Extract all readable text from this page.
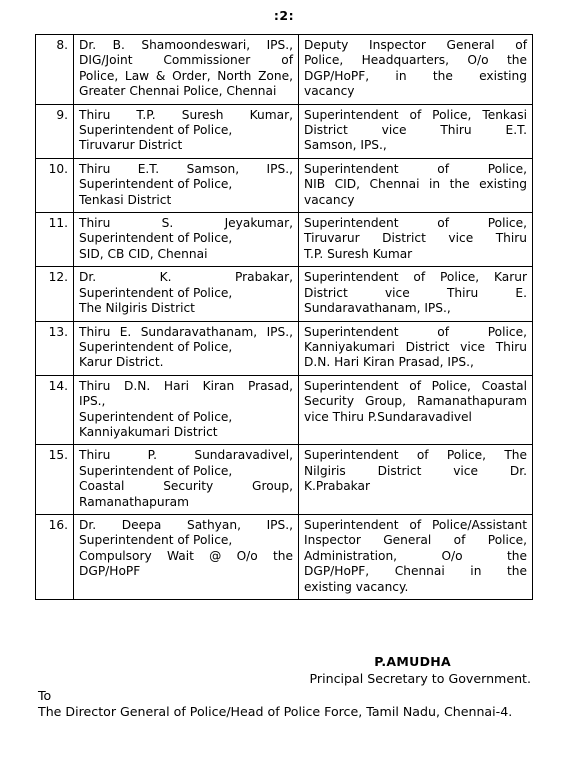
:2:
8.	Dr. B. Shamoondeswari, IPS.,
DIG/Joint Commissioner of
Police, Law & Order, North Zone,
Greater Chennai Police, Chennai	Deputy Inspector General of
Police, Headquarters, O/o the
DGP/HoPF, in the existing
vacancy

9.	Thiru T.P. Suresh Kumar,
Superintendent of Police,
Tiruvarur District	Superintendent of Police, Tenkasi
District vice Thiru E.T.
Samson, IPS.,

10.	Thiru E.T. Samson, IPS.,
Superintendent of Police,
Tenkasi District	Superintendent of Police,
NIB CID, Chennai in the existing
vacancy

11.	Thiru S. Jeyakumar,
Superintendent of Police,
SID, CB CID, Chennai	Superintendent of Police,
Tiruvarur District vice Thiru
T.P. Suresh Kumar

12.	Dr. K. Prabakar,
Superintendent of Police,
The Nilgiris District	Superintendent of Police, Karur
District vice Thiru E.
Sundaravathanam, IPS.,

13.	Thiru E. Sundaravathanam, IPS.,
Superintendent of Police,
Karur District.	Superintendent of Police,
Kanniyakumari District vice Thiru
D.N. Hari Kiran Prasad, IPS.,

14.	Thiru D.N. Hari Kiran Prasad,
IPS.,
Superintendent of Police,
Kanniyakumari District	Superintendent of Police, Coastal
Security Group, Ramanathapuram
vice Thiru P.Sundaravadivel

15.	Thiru P. Sundaravadivel,
Superintendent of Police,
Coastal Security Group,
Ramanathapuram	Superintendent of Police, The
Nilgiris District vice Dr.
K.Prabakar

16.	Dr. Deepa Sathyan, IPS.,
Superintendent of Police,
Compulsory Wait @ O/o the
DGP/HoPF	Superintendent of Police/Assistant
Inspector General of Police,
Administration, O/o the
DGP/HoPF, Chennai in the
existing vacancy.
P.AMUDHA
Principal Secretary to Government.
To
The Director General of Police/Head of Police Force, Tamil Nadu, Chennai-4.
